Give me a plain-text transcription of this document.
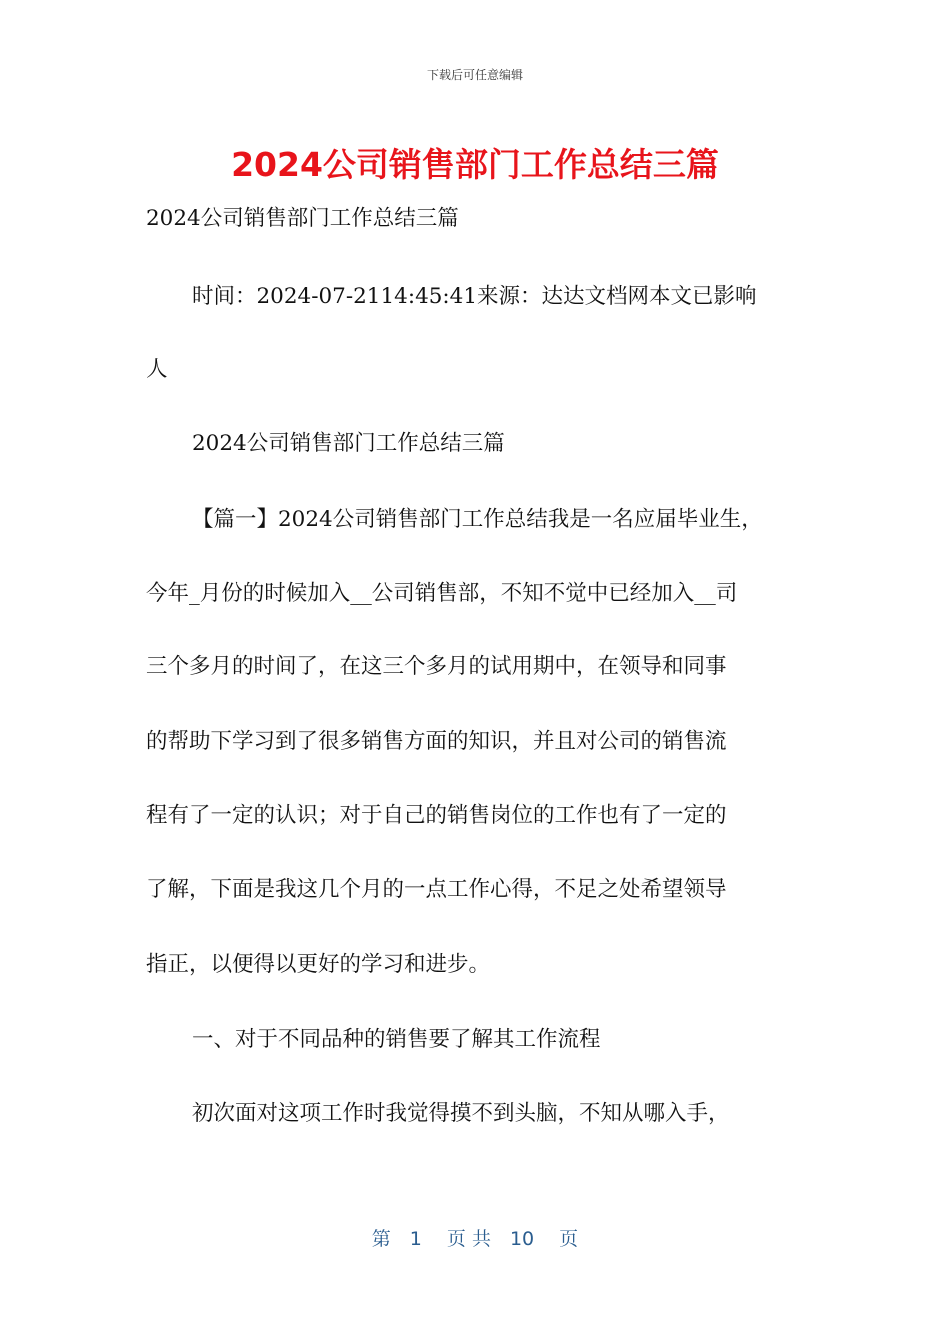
下载后可任意编辑
2024公司销售部门工作总结三篇

2024公司销售部门工作总结三篇

时间：2024-07-2114:45:41来源：达达文档网本文已影响

人

2024公司销售部门工作总结三篇

【篇一】2024公司销售部门工作总结我是一名应届毕业生，

今年_月份的时候加入__公司销售部，不知不觉中已经加入__司

三个多月的时间了，在这三个多月的试用期中，在领导和同事

的帮助下学习到了很多销售方面的知识，并且对公司的销售流

程有了一定的认识；对于自己的销售岗位的工作也有了一定的

了解，下面是我这几个月的一点工作心得，不足之处希望领导

指正，以便得以更好的学习和进步。

一、对于不同品种的销售要了解其工作流程

初次面对这项工作时我觉得摸不到头脑，不知从哪入手，

第　1　 页 共　10　 页
